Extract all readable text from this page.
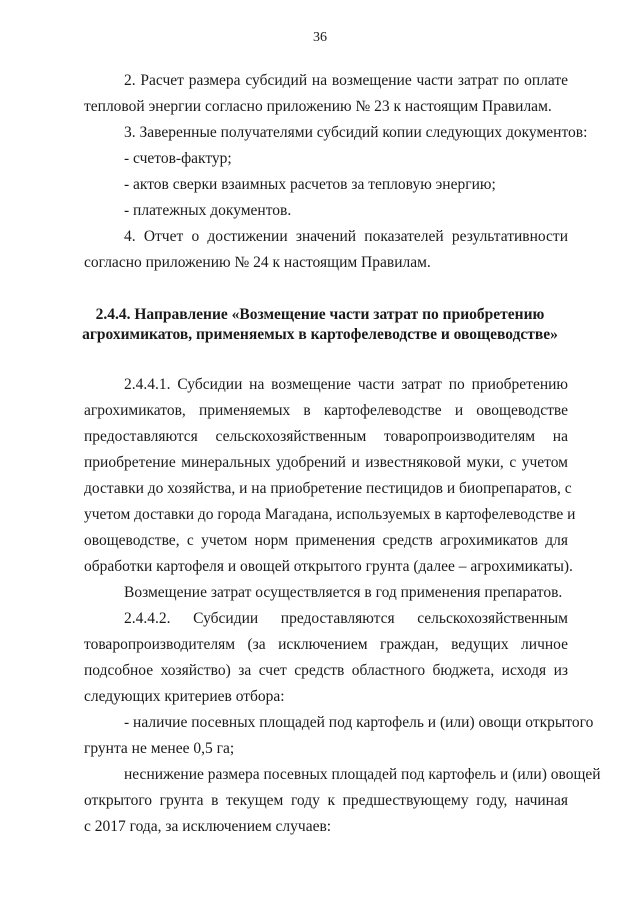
36
2. Расчет размера субсидий на возмещение части затрат по оплате
тепловой энергии согласно приложению № 23 к настоящим Правилам.
3. Заверенные получателями субсидий копии следующих документов:
- счетов-фактур;
- актов сверки взаимных расчетов за тепловую энергию;
- платежных документов.
4. Отчет о достижении значений показателей результативности
согласно приложению № 24 к настоящим Правилам.
2.4.4. Направление «Возмещение части затрат по приобретению
агрохимикатов, применяемых в картофелеводстве и овощеводстве»
2.4.4.1. Субсидии на возмещение части затрат по приобретению
агрохимикатов, применяемых в картофелеводстве и овощеводстве
предоставляются сельскохозяйственным товаропроизводителям на
приобретение минеральных удобрений и известняковой муки, с учетом
доставки до хозяйства, и на приобретение пестицидов и биопрепаратов, с
учетом доставки до города Магадана, используемых в картофелеводстве и
овощеводстве, с учетом норм применения средств агрохимикатов для
обработки картофеля и овощей открытого грунта (далее – агрохимикаты).
Возмещение затрат осуществляется в год применения препаратов.
2.4.4.2. Субсидии предоставляются сельскохозяйственным
товаропроизводителям (за исключением граждан, ведущих личное
подсобное хозяйство) за счет средств областного бюджета, исходя из
следующих критериев отбора:
- наличие посевных площадей под картофель и (или) овощи открытого
грунта не менее 0,5 га;
неснижение размера посевных площадей под картофель и (или) овощей
открытого грунта в текущем году к предшествующему году, начиная
с 2017 года, за исключением случаев:
